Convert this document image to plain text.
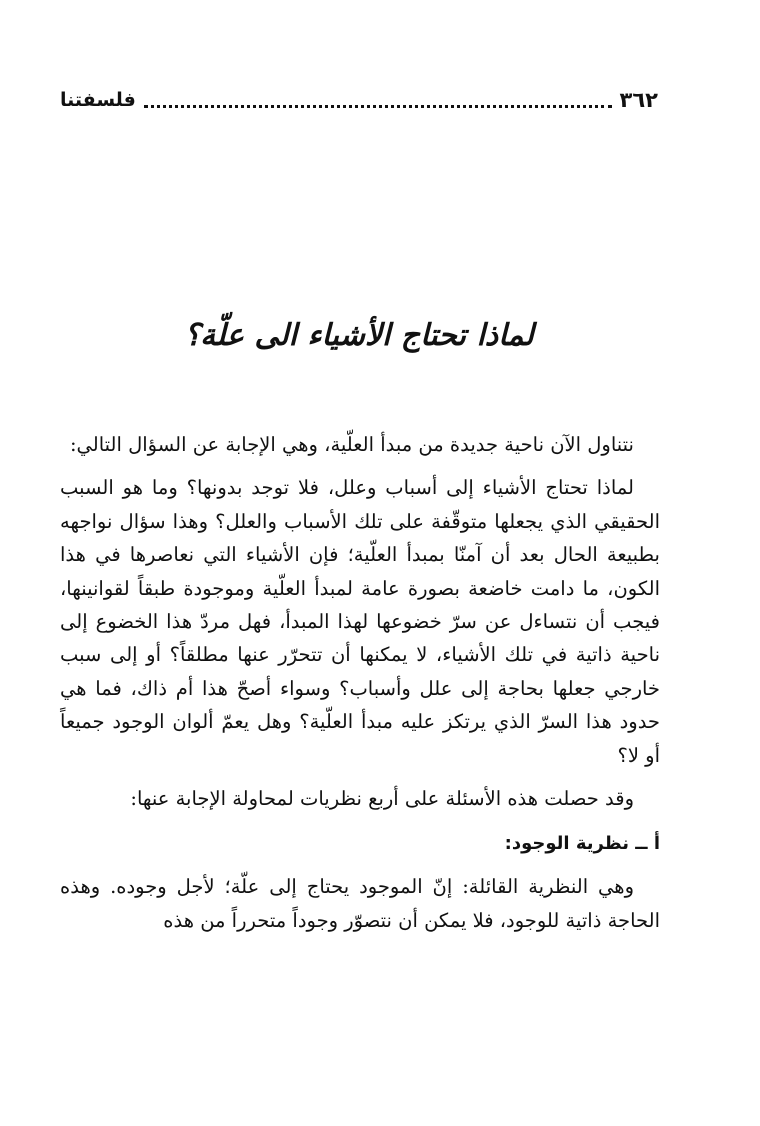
٣٦٢
فلسفتنا
لماذا تحتاج الأشياء الى علّة؟

نتناول الآن ناحية جديدة من مبدأ العلّية، وهي الإجابة عن السؤال التالي:

لماذا تحتاج الأشياء إلى أسباب وعلل، فلا توجد بدونها؟ وما هو السبب الحقيقي الذي يجعلها متوقّفة على تلك الأسباب والعلل؟ وهذا سؤال نواجهه بطبيعة الحال بعد أن آمنّا بمبدأ العلّية؛ فإن الأشياء التي نعاصرها في هذا الكون، ما دامت خاضعة بصورة عامة لمبدأ العلّية وموجودة طبقاً لقوانينها، فيجب أن نتساءل عن سرّ خضوعها لهذا المبدأ، فهل مردّ هذا الخضوع إلى ناحية ذاتية في تلك الأشياء، لا يمكنها أن تتحرّر عنها مطلقاً؟ أو إلى سبب خارجي جعلها بحاجة إلى علل وأسباب؟ وسواء أصحّ هذا أم ذاك، فما هي حدود هذا السرّ الذي يرتكز عليه مبدأ العلّية؟ وهل يعمّ ألوان الوجود جميعاً أو لا؟

وقد حصلت هذه الأسئلة على أربع نظريات لمحاولة الإجابة عنها:

أ ــ نظرية الوجود:

وهي النظرية القائلة: إنّ الموجود يحتاج إلى علّة؛ لأجل وجوده. وهذه الحاجة ذاتية للوجود، فلا يمكن أن نتصوّر وجوداً متحرراً من هذه
